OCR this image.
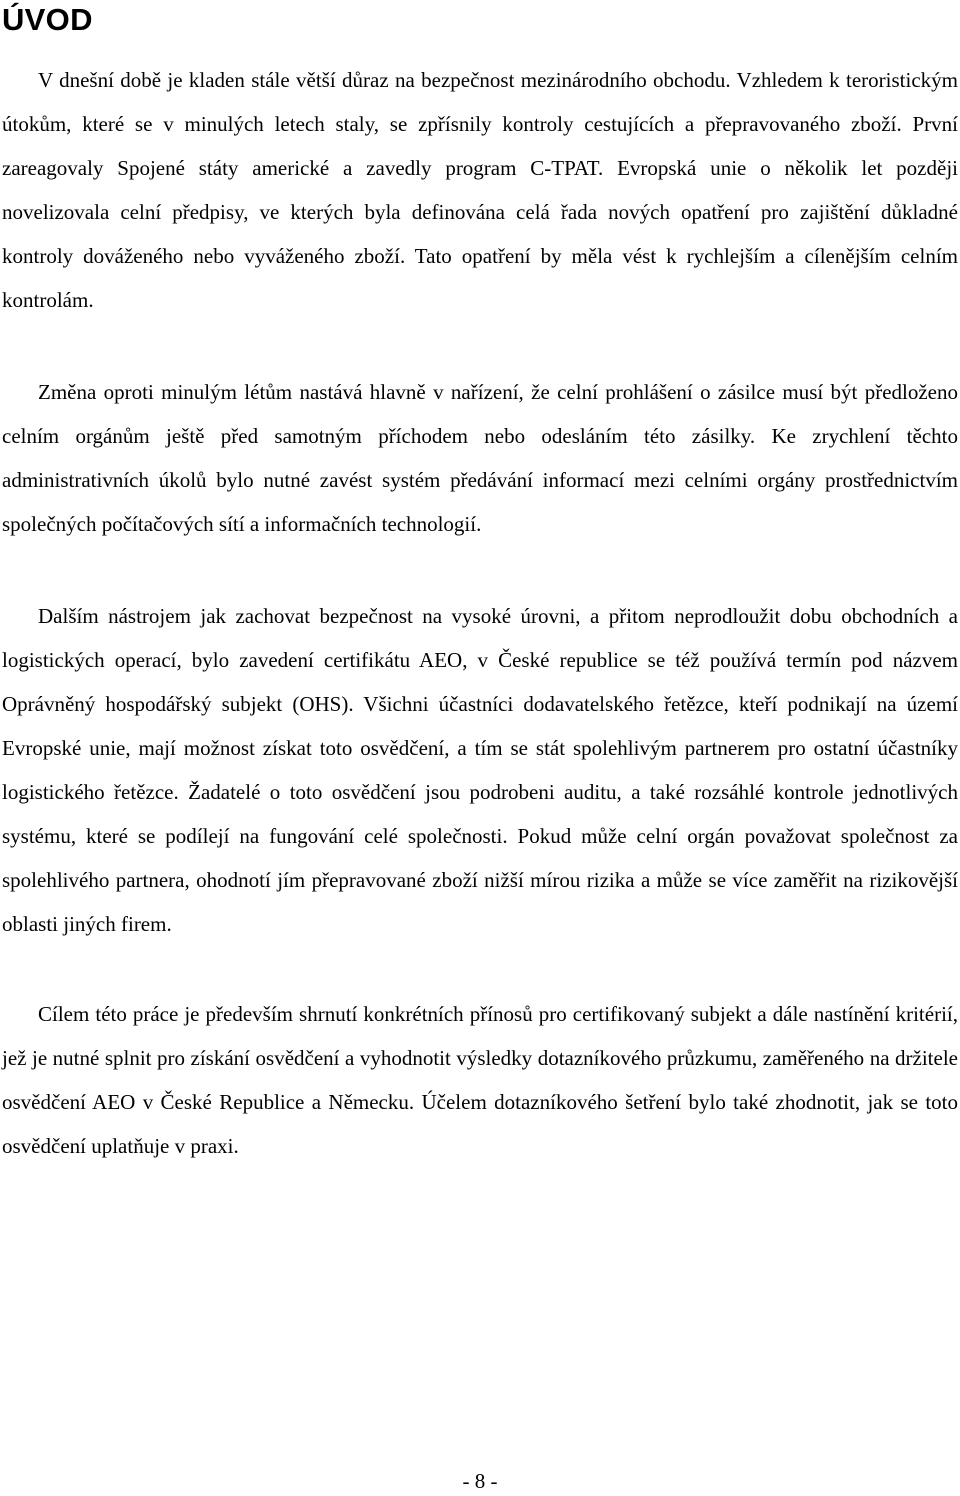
ÚVOD

V dnešní době je kladen stále větší důraz na bezpečnost mezinárodního obchodu. Vzhledem k teroristickým útokům, které se v minulých letech staly, se zpřísnily kontroly cestujících a přepravovaného zboží. První zareagovaly Spojené státy americké a zavedly program C-TPAT. Evropská unie o několik let později novelizovala celní předpisy, ve kterých byla definována celá řada nových opatření pro zajištění důkladné kontroly dováženého nebo vyváženého zboží. Tato opatření by měla vést k rychlejším a cílenějším celním kontrolám.

Změna oproti minulým létům nastává hlavně v nařízení, že celní prohlášení o zásilce musí být předloženo celním orgánům ještě před samotným příchodem nebo odesláním této zásilky. Ke zrychlení těchto administrativních úkolů bylo nutné zavést systém předávání informací mezi celními orgány prostřednictvím společných počítačových sítí a informačních technologií.

Dalším nástrojem jak zachovat bezpečnost na vysoké úrovni, a přitom neprodloužit dobu obchodních a logistických operací, bylo zavedení certifikátu AEO, v České republice se též používá termín pod názvem Oprávněný hospodářský subjekt (OHS). Všichni účastníci dodavatelského řetězce, kteří podnikají na území Evropské unie, mají možnost získat toto osvědčení, a tím se stát spolehlivým partnerem pro ostatní účastníky logistického řetězce. Žadatelé o toto osvědčení jsou podrobeni auditu, a také rozsáhlé kontrole jednotlivých systému, které se podílejí na fungování celé společnosti. Pokud může celní orgán považovat společnost za spolehlivého partnera, ohodnotí jím přepravované zboží nižší mírou rizika a může se více zaměřit na rizikovější oblasti jiných firem.

Cílem této práce je především shrnutí konkrétních přínosů pro certifikovaný subjekt a dále nastínění kritérií, jež je nutné splnit pro získání osvědčení a vyhodnotit výsledky dotazníkového průzkumu, zaměřeného na držitele osvědčení AEO v České Republice a Německu. Účelem dotazníkového šetření bylo také zhodnotit, jak se toto osvědčení uplatňuje v praxi.

- 8 -
